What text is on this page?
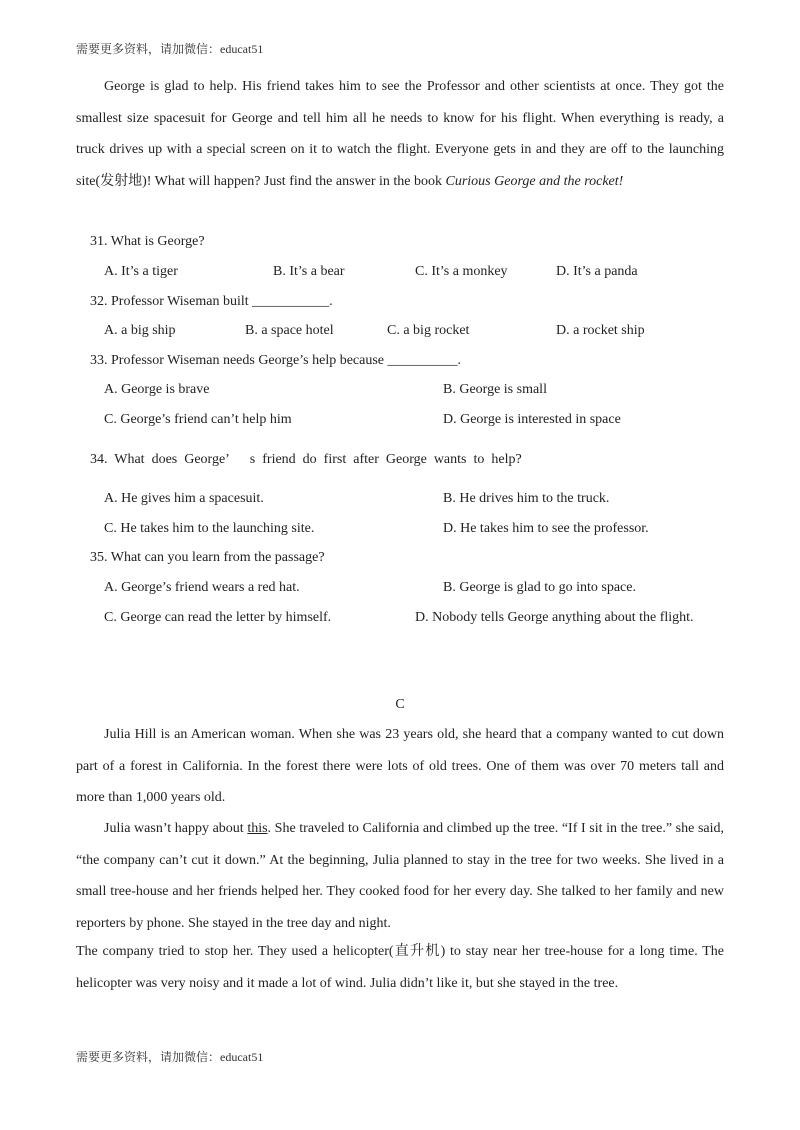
需要更多资料，请加微信：educat51
George is glad to help. His friend takes him to see the Professor and other scientists at once. They got the smallest size spacesuit for George and tell him all he needs to know for his flight. When everything is ready, a truck drives up with a special screen on it to watch the flight. Everyone gets in and they are off to the launching site(发射地)! What will happen? Just find the answer in the book Curious George and the rocket!
31. What is George?
A. It’s a tiger	B. It’s a bear	C. It’s a monkey	D. It’s a panda
32. Professor Wiseman built ___________.
A. a big ship	B. a space hotel	C. a big rocket	D. a rocket ship
33. Professor Wiseman needs George’s help because __________.
A. George is brave	B. George is small
C. George’s friend can’t help him	D. George is interested in space
34.  What  does  George’      s  friend  do  first  after  George  wants  to  help?
A. He gives him a spacesuit.	B. He drives him to the truck.
C. He takes him to the launching site.	D. He takes him to see the professor.
35. What can you learn from the passage?
A. George’s friend wears a red hat.	B. George is glad to go into space.
C. George can read the letter by himself.	D. Nobody tells George anything about the flight.
C
Julia Hill is an American woman. When she was 23 years old, she heard that a company wanted to cut down part of a forest in California. In the forest there were lots of old trees. One of them was over 70 meters tall and more than 1,000 years old.
Julia wasn’t happy about this. She traveled to California and climbed up the tree. “If I sit in the tree.” she said, “the company can’t cut it down.” At the beginning, Julia planned to stay in the tree for two weeks. She lived in a small tree-house and her friends helped her. They cooked food for her every day. She talked to her family and new reporters by phone. She stayed in the tree day and night.
The company tried to stop her. They used a helicopter(直升机) to stay near her tree-house for a long time. The helicopter was very noisy and it made a lot of wind. Julia didn’t like it, but she stayed in the tree.
需要更多资料，请加微信：educat51
